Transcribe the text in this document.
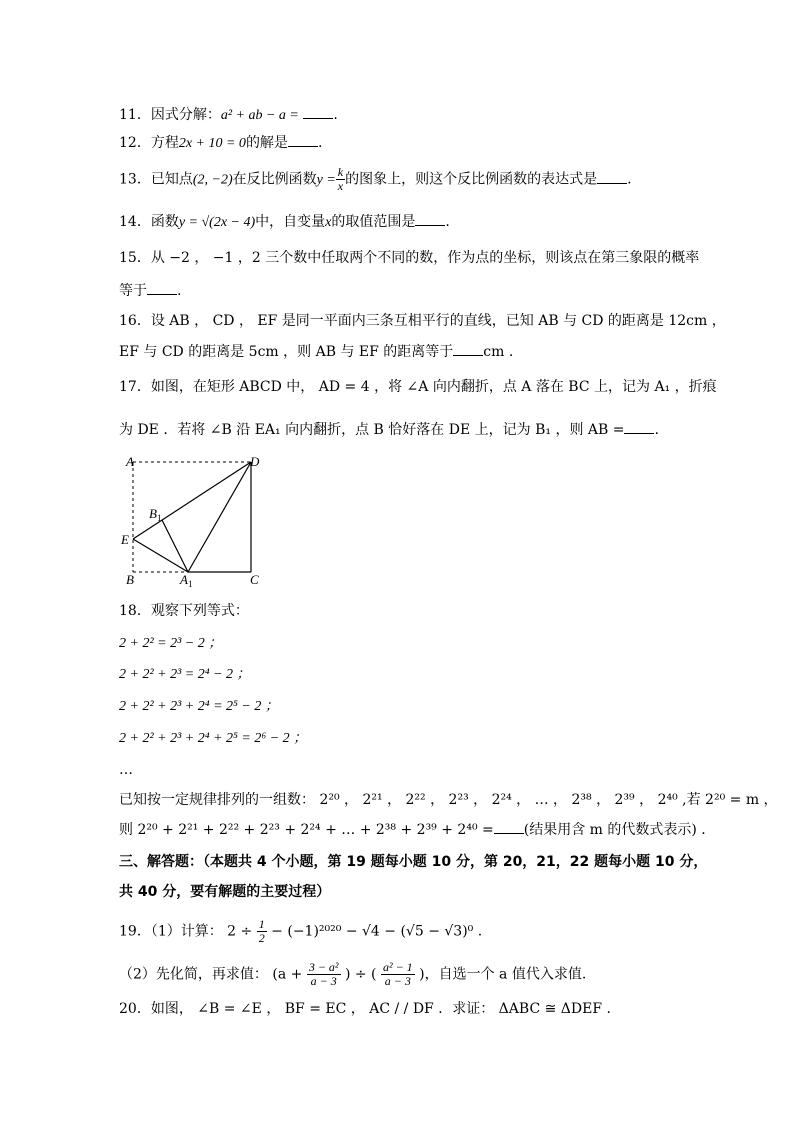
11．因式分解：a² + ab − a = .
12．方程2x + 10 = 0的解是 .
13．已知点(2, −2)在反比例函数$y = \frac{k}{x}$ 的图象上，则这个反比例函数的表达式是 .
14．函数y = √(2x − 4)中，自变量x的取值范围是 .
15．从 −2 ， −1 ，2 三个数中任取两个不同的数，作为点的坐标，则该点在第三象限的概率
等于 .
16．设 AB ， CD ， EF 是同一平面内三条互相平行的直线，已知 AB 与 CD 的距离是 12cm ，
EF 与 CD 的距离是 5cm ，则 AB 与 EF 的距离等于 cm .
17．如图，在矩形 ABCD 中， AD = 4 ，将 ∠A 向内翻折，点 A 落在 BC 上，记为 A₁ ，折痕
为 DE ．若将 ∠B 沿 EA₁ 向内翻折，点 B 恰好落在 DE 上，记为 B₁ ，则 AB = .
A	D
$B_1$
E
B	$A_1$	C
18．观察下列等式：
2 + 2² = 2³ − 2 ；
2 + 2² + 2³ = 2⁴ − 2 ；
2 + 2² + 2³ + 2⁴ = 2⁵ − 2 ；
2 + 2² + 2³ + 2⁴ + 2⁵ = 2⁶ − 2 ；
…
已知按一定规律排列的一组数： 2²⁰ ， 2²¹ ， 2²² ， 2²³ ， 2²⁴ ， … ， 2³⁸ ， 2³⁹ ， 2⁴⁰ ,若 2²⁰ = m ，
则 2²⁰ + 2²¹ + 2²² + 2²³ + 2²⁴ + … + 2³⁸ + 2³⁹ + 2⁴⁰ = (结果用含 m 的代数式表示) .
三、解答题：（本题共 4 个小题，第 19 题每小题 10 分，第 20，21，22 题每小题 10 分，
共 40 分，要有解题的主要过程）
19．（1）计算： $2 \div \frac{1}{2} - (-1)^{2020} - √4 - (√5 - √3)^0$ .
（2）先化简，再求值： ($a + \frac{\text{3 − a²}}{a - 3}$ ) ÷ ( $\frac{\text{a² − 1}}{a - 3}$ )，自选一个 a 值代入求值.
20．如图， ∠B = ∠E ， BF = EC ， AC / / DF ．求证： ΔABC ≅ ΔDEF .
